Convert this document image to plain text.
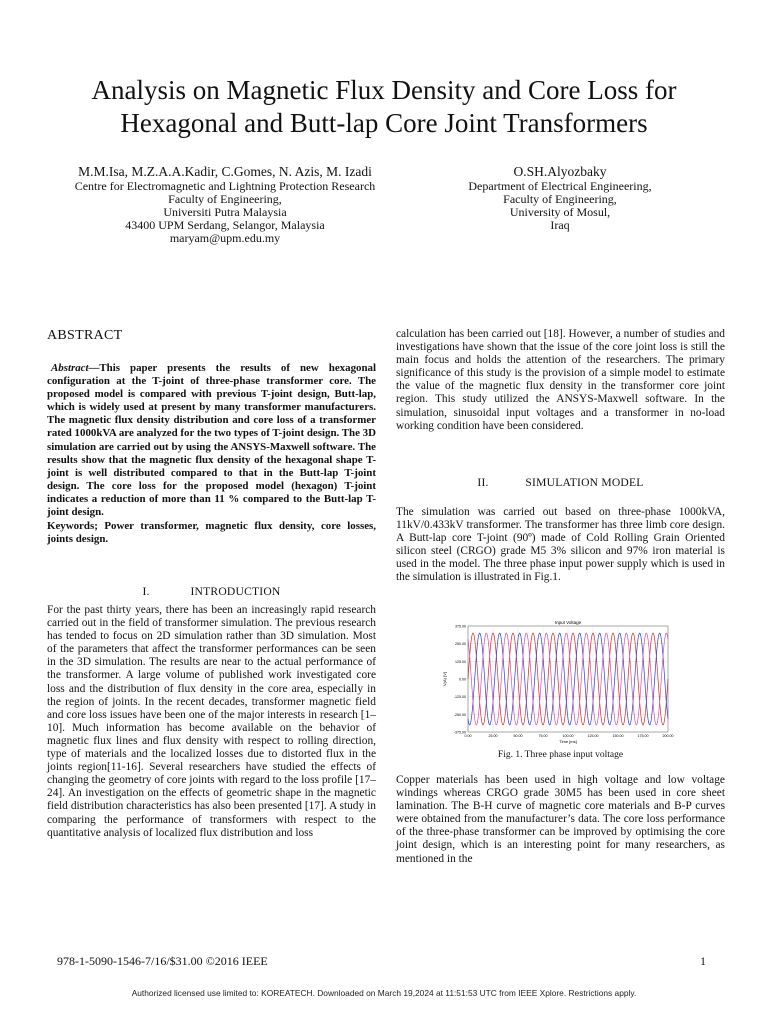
Analysis on Magnetic Flux Density and Core Loss for
Hexagonal and Butt-lap Core Joint Transformers
M.M.Isa, M.Z.A.A.Kadir, C.Gomes, N. Azis, M. Izadi
Centre for Electromagnetic and Lightning Protection Research
Faculty of Engineering,
Universiti Putra Malaysia
43400 UPM Serdang, Selangor, Malaysia
maryam@upm.edu.my
O.SH.Alyozbaky
Department of Electrical Engineering,
Faculty of Engineering,
University of Mosul,
Iraq
ABSTRACT
Abstract—This paper presents the results of new hexagonal configuration at the T-joint of three-phase transformer core. The proposed model is compared with previous T-joint design, Butt-lap, which is widely used at present by many transformer manufacturers. The magnetic flux density distribution and core loss of a transformer rated 1000kVA are analyzed for the two types of T-joint design. The 3D simulation are carried out by using the ANSYS-Maxwell software. The results show that the magnetic flux density of the hexagonal shape T-joint is well distributed compared to that in the Butt-lap T-joint design. The core loss for the proposed model (hexagon) T-joint indicates a reduction of more than 11 % compared to the Butt-lap T-joint design.
Keywords; Power transformer, magnetic flux density, core losses, joints design.
I.	INTRODUCTION
For the past thirty years, there has been an increasingly rapid research carried out in the field of transformer simulation. The previous research has tended to focus on 2D simulation rather than 3D simulation. Most of the parameters that affect the transformer performances can be seen in the 3D simulation. The results are near to the actual performance of the transformer. A large volume of published work investigated core loss and the distribution of flux density in the core area, especially in the region of joints. In the recent decades, transformer magnetic field and core loss issues have been one of the major interests in research [1–10]. Much information has become available on the behavior of magnetic flux lines and flux density with respect to rolling direction, type of materials and the localized losses due to distorted flux in the joints region[11-16]. Several researchers have studied the effects of changing the geometry of core joints with regard to the loss profile [17–24]. An investigation on the effects of geometric shape in the magnetic field distribution characteristics has also been presented [17]. A study in comparing the performance of transformers with respect to the quantitative analysis of localized flux distribution and loss
calculation has been carried out [18]. However, a number of studies and investigations have shown that the issue of the core joint loss is still the main focus and holds the attention of the researchers. The primary significance of this study is the provision of a simple model to estimate the value of the magnetic flux density in the transformer core joint region. This study utilized the ANSYS-Maxwell software. In the simulation, sinusoidal input voltages and a transformer in no-load working condition have been considered.
II.	SIMULATION MODEL
The simulation was carried out based on three-phase 1000kVA, 11kV/0.433kV transformer. The transformer has three limb core design. A Butt-lap core T-joint (90º) made of Cold Rolling Grain Oriented silicon steel (CRGO) grade M5 3% silicon and 97% iron material is used in the model. The three phase input power supply which is used in the simulation is illustrated in Fig.1.
Input Voltage
375.00
250.00
125.00
0.00
-125.00
-250.00
-375.00
0.00	25.00	50.00	75.00	100.00	125.00	150.00	175.00	200.00
V(A) [V]
Time [ms]
Fig. 1. Three phase input voltage
Copper materials has been used in high voltage and low voltage windings whereas CRGO grade 30M5 has been used in core sheet lamination. The B-H curve of magnetic core materials and B-P curves were obtained from the manufacturer’s data. The core loss performance of the three-phase transformer can be improved by optimising the core joint design, which is an interesting point for many researchers, as mentioned in the
978-1-5090-1546-7/16/$31.00 ©2016 IEEE	1
Authorized licensed use limited to: KOREATECH. Downloaded on March 19,2024 at 11:51:53 UTC from IEEE Xplore. Restrictions apply.
